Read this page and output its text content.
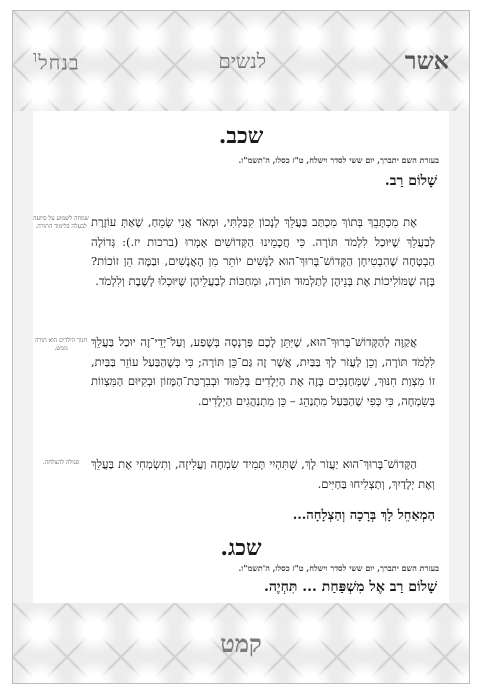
אשר
לנשים
בנחל$^ו$
שכב.
בעזרת השם יתברך, יום ששי לסדר וישלח, ט"ז כסלו, ה'תשמ"ו.
שָׁלוֹם רַב.

אֶת מִכְתָּבֵךְ בְּתוֹךְ מִכְתַּב בַּעֲלֵךְ לְנָכוֹן קִבַּלְתִּי, וּמְאֹד אֲנִי שָׂמֵחַ, שֶׁאַתְּ עוֹזֶרֶת לְבַעֲלֵךְ שֶׁיּוּכַל לִלְמֹד תּוֹרָה. כִּי חֲכָמֵינוּ הַקְּדוֹשִׁים אָמְרוּ (ברכות יז.): גְּדוֹלָה הַבְטָחָה שֶׁהִבְטִיחָן הַקָּדוֹשׁ־בָּרוּךְ־הוּא לַנָּשִׁים יוֹתֵר מִן הָאֲנָשִׁים, וּבַמֶּה הֵן זוֹכוֹת? בָּזֶה שֶׁמּוֹלִיכוֹת אֶת בְּנֵיהֶן לְתַלְמוּד תּוֹרָה, וּמְחַכּוֹת לְבַעֲלֵיהֶן שֶׁיּוּכְלוּ לָשֶׁבֶת וְלִלְמֹד.

שמחה לשמוע על סיועה לבעלה בלימוד התורה.

אֲקַוֶּה לְהַקָּדוֹשׁ־בָּרוּךְ־הוּא, שֶׁיִּתֵּן לָכֶם פַּרְנָסָה בְּשֶׁפַע, וְעַל־יְדֵי־זֶה יוּכַל בַּעֲלֵךְ לִלְמֹד תּוֹרָה, וְכֵן לַעֲזֹר לָךְ בַּבַּיִת, אֲשֶׁר זֶה גַּם־כֵּן תּוֹרָה; כִּי כְּשֶׁהַבַּעַל עוֹזֵר בַּבַּיִת, זוֹ מִצְוַת חִנּוּךְ, שֶׁמְּחַנְּכִים בָּזֶה אֶת הַיְלָדִים בְּלִמּוּד וּבְבִרְכַּת־הַמָּזוֹן וּבְקִיּוּם הַמִּצְווֹת בְּשִׂמְחָה, כִּי כְּפִי שֶׁהַבַּעַל מִתְנַהֵג – כֵּן מִתְנַהֲגִים הַיְלָדִים.

חנוך הילדים הוא תורה ממש.

הַקָּדוֹשׁ־בָּרוּךְ־הוּא יַעֲזֹר לָךְ, שֶׁתִּהְיִי תָּמִיד שִׂמְחָה וַעֲלִיזָה, וְתִשְׂמְחִי אֶת בַּעֲלֵךְ וְאֶת יְלָדַיִךְ, וְתַצְלִיחוּ בַּחַיִּים.

סגולה להצלחה.
הַמְאַחֵל לָךְ בְּרָכָה וְהַצְלָחָה...
שכג.
בעזרת השם יתברך, יום ששי לסדר וישלח, ט"ז כסלו, ה'תשמ"ו.
שָׁלוֹם רַב אֶל מִשְׁפַּחַת ... תִּחְיֶה.
קמט
